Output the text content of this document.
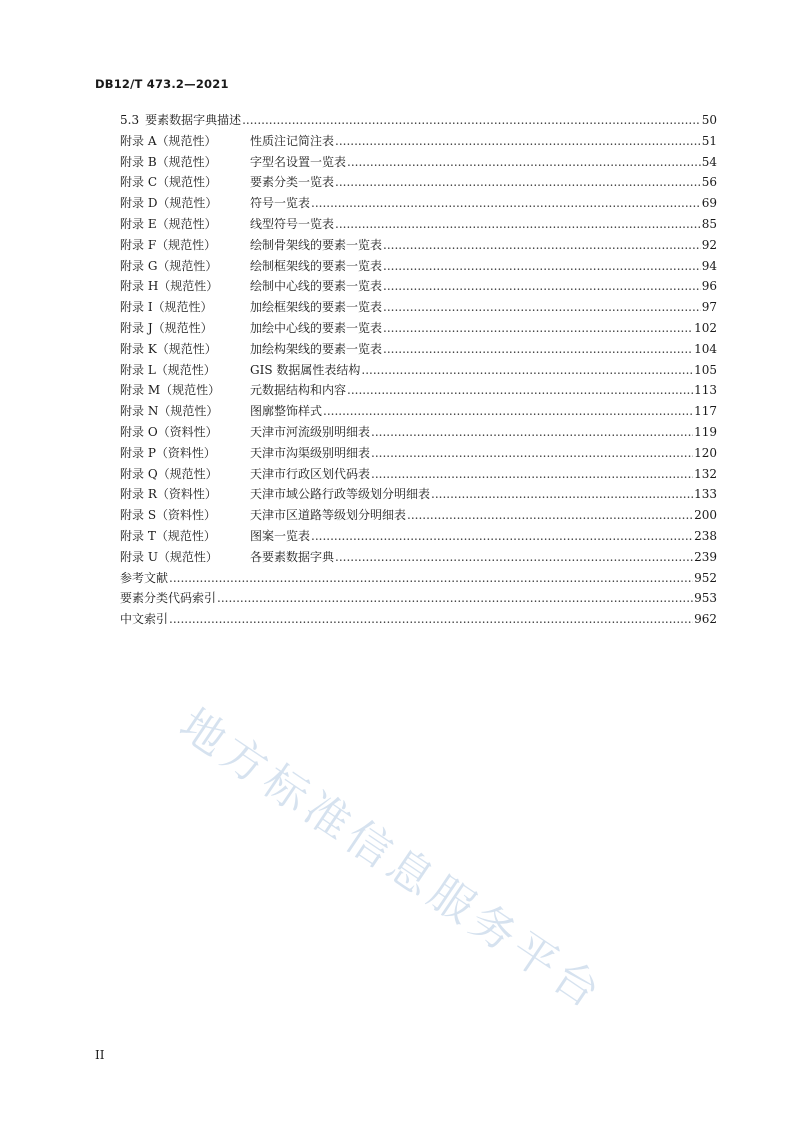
DB12/T 473.2—2021
5.3 要素数据字典描述 .....	50
附录 A（规范性）	性质注记简注表 .....	51
附录 B（规范性）	字型名设置一览表 .....	54
附录 C（规范性）	要素分类一览表 .....	56
附录 D（规范性）	符号一览表 .....	69
附录 E（规范性）	线型符号一览表 .....	85
附录 F（规范性）	绘制骨架线的要素一览表 .....	92
附录 G（规范性）	绘制框架线的要素一览表 .....	94
附录 H（规范性）	绘制中心线的要素一览表 .....	96
附录 I（规范性）	加绘框架线的要素一览表 .....	97
附录 J（规范性）	加绘中心线的要素一览表 .....	102
附录 K（规范性）	加绘构架线的要素一览表 .....	104
附录 L（规范性）	GIS 数据属性表结构 .....	105
附录 M（规范性）	元数据结构和内容 .....	113
附录 N（规范性）	图廓整饰样式 .....	117
附录 O（资料性）	天津市河流级别明细表 .....	119
附录 P（资料性）	天津市沟渠级别明细表 .....	120
附录 Q（规范性）	天津市行政区划代码表 .....	132
附录 R（资料性）	天津市域公路行政等级划分明细表 .....	133
附录 S（资料性）	天津市区道路等级划分明细表 .....	200
附录 T（规范性）	图案一览表 .....	238
附录 U（规范性）	各要素数据字典 .....	239
参考文献 .....	952
要素分类代码索引 .....	953
中文索引 .....	962
地方标准信息服务平台
II
